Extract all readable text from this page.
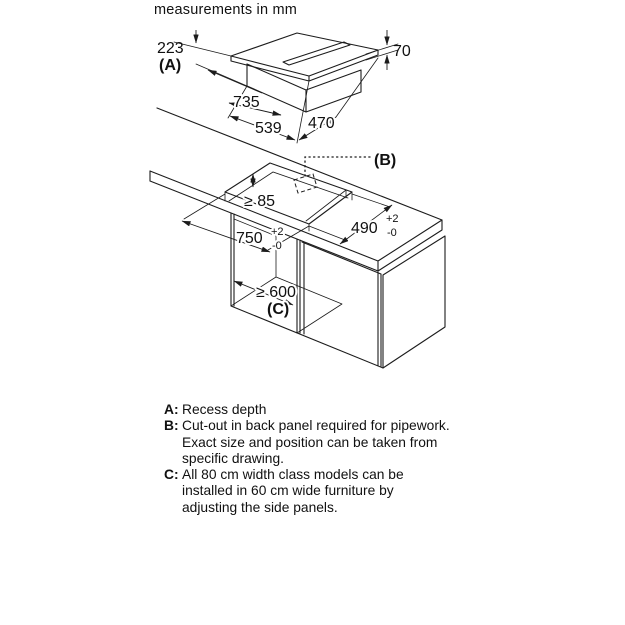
measurements in mm
223
(A)
70
735
539 470
(B)
≥ 85
490
+2
-0
750 +2
-0
≥ 600
(C)
A: Recess depth
B: Cut-out in back panel required for pipework.
Exact size and position can be taken from
specific drawing.
C: All 80 cm width class models can be
installed in 60 cm wide furniture by
adjusting the side panels.
